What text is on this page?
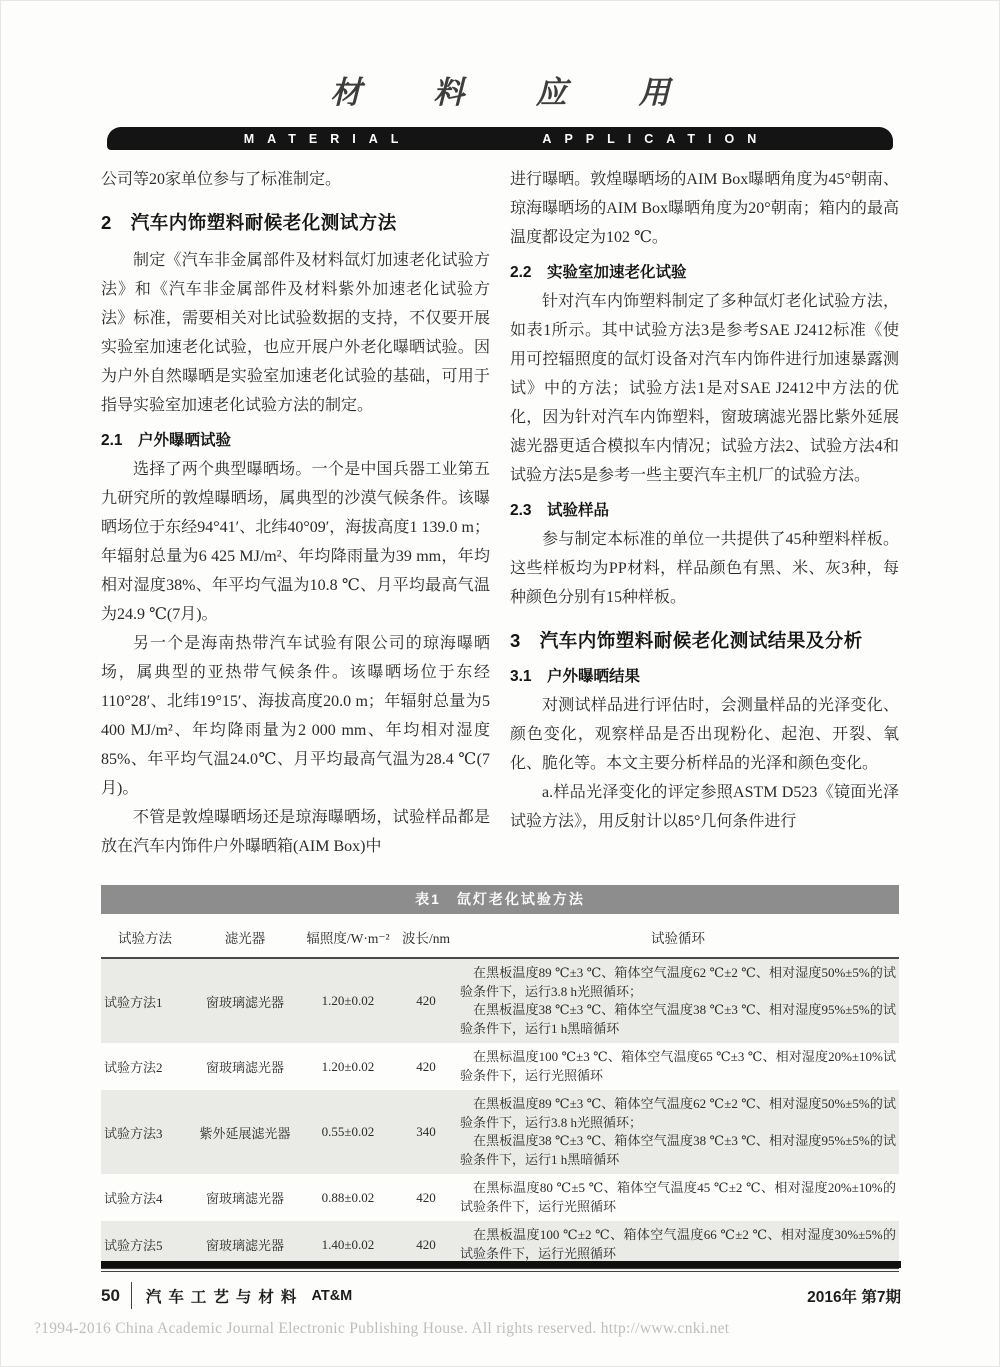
材 料 应 用
MATERIAL	APPLICATION

公司等20家单位参与了标准制定。

2　汽车内饰塑料耐候老化测试方法

制定《汽车非金属部件及材料氙灯加速老化试验方法》和《汽车非金属部件及材料紫外加速老化试验方法》标准，需要相关对比试验数据的支持，不仅要开展实验室加速老化试验，也应开展户外老化曝晒试验。因为户外自然曝晒是实验室加速老化试验的基础，可用于指导实验室加速老化试验方法的制定。

2.1　户外曝晒试验

选择了两个典型曝晒场。一个是中国兵器工业第五九研究所的敦煌曝晒场，属典型的沙漠气候条件。该曝晒场位于东经94°41′、北纬40°09′，海拔高度1 139.0 m；年辐射总量为6 425 MJ/m²、年均降雨量为39 mm，年均相对湿度38%、年平均气温为10.8 ℃、月平均最高气温为24.9 ℃(7月)。

另一个是海南热带汽车试验有限公司的琼海曝晒场，属典型的亚热带气候条件。该曝晒场位于东经110°28′、北纬19°15′、海拔高度20.0 m；年辐射总量为5 400 MJ/m²、年均降雨量为2 000 mm、年均相对湿度85%、年平均气温24.0℃、月平均最高气温为28.4 ℃(7月)。

不管是敦煌曝晒场还是琼海曝晒场，试验样品都是放在汽车内饰件户外曝晒箱(AIM Box)中

进行曝晒。敦煌曝晒场的AIM Box曝晒角度为45°朝南、琼海曝晒场的AIM Box曝晒角度为20°朝南；箱内的最高温度都设定为102 ℃。

2.2　实验室加速老化试验

针对汽车内饰塑料制定了多种氙灯老化试验方法，如表1所示。其中试验方法3是参考SAE J2412标准《使用可控辐照度的氙灯设备对汽车内饰件进行加速暴露测试》中的方法；试验方法1是对SAE J2412中方法的优化，因为针对汽车内饰塑料，窗玻璃滤光器比紫外延展滤光器更适合模拟车内情况；试验方法2、试验方法4和试验方法5是参考一些主要汽车主机厂的试验方法。

2.3　试验样品

参与制定本标准的单位一共提供了45种塑料样板。这些样板均为PP材料，样品颜色有黑、米、灰3种，每种颜色分别有15种样板。

3　汽车内饰塑料耐候老化测试结果及分析
3.1　户外曝晒结果

对测试样品进行评估时，会测量样品的光泽变化、颜色变化，观察样品是否出现粉化、起泡、开裂、氧化、脆化等。本文主要分析样品的光泽和颜色变化。

a.样品光泽变化的评定参照ASTM D523《镜面光泽试验方法》，用反射计以85°几何条件进行

表1　氙灯老化试验方法
试验方法	滤光器	辐照度/W·m⁻²	波长/nm	试验循环
试验方法1	窗玻璃滤光器	1.20±0.02	420	在黑板温度89 ℃±3 ℃、箱体空气温度62 ℃±2 ℃、相对湿度50%±5%的试验条件下，运行3.8 h光照循环；
在黑板温度38 ℃±3 ℃、箱体空气温度38 ℃±3 ℃、相对湿度95%±5%的试验条件下，运行1 h黑暗循环

试验方法2	窗玻璃滤光器	1.20±0.02	420	在黑标温度100 ℃±3 ℃、箱体空气温度65 ℃±3 ℃、相对湿度20%±10%试验条件下，运行光照循环

试验方法3	紫外延展滤光器	0.55±0.02	340	在黑板温度89 ℃±3 ℃、箱体空气温度62 ℃±2 ℃、相对湿度50%±5%的试验条件下，运行3.8 h光照循环；
在黑板温度38 ℃±3 ℃、箱体空气温度38 ℃±3 ℃、相对湿度95%±5%的试验条件下，运行1 h黑暗循环

试验方法4	窗玻璃滤光器	0.88±0.02	420	在黑标温度80 ℃±5 ℃、箱体空气温度45 ℃±2 ℃、相对湿度20%±10%的试验条件下，运行光照循环

试验方法5	窗玻璃滤光器	1.40±0.02	420	在黑板温度100 ℃±2 ℃、箱体空气温度66 ℃±2 ℃、相对湿度30%±5%的试验条件下，运行光照循环
50 汽车工艺与材料 AT&M	2016年 第7期
?1994-2016 China Academic Journal Electronic Publishing House. All rights reserved. http://www.cnki.net
